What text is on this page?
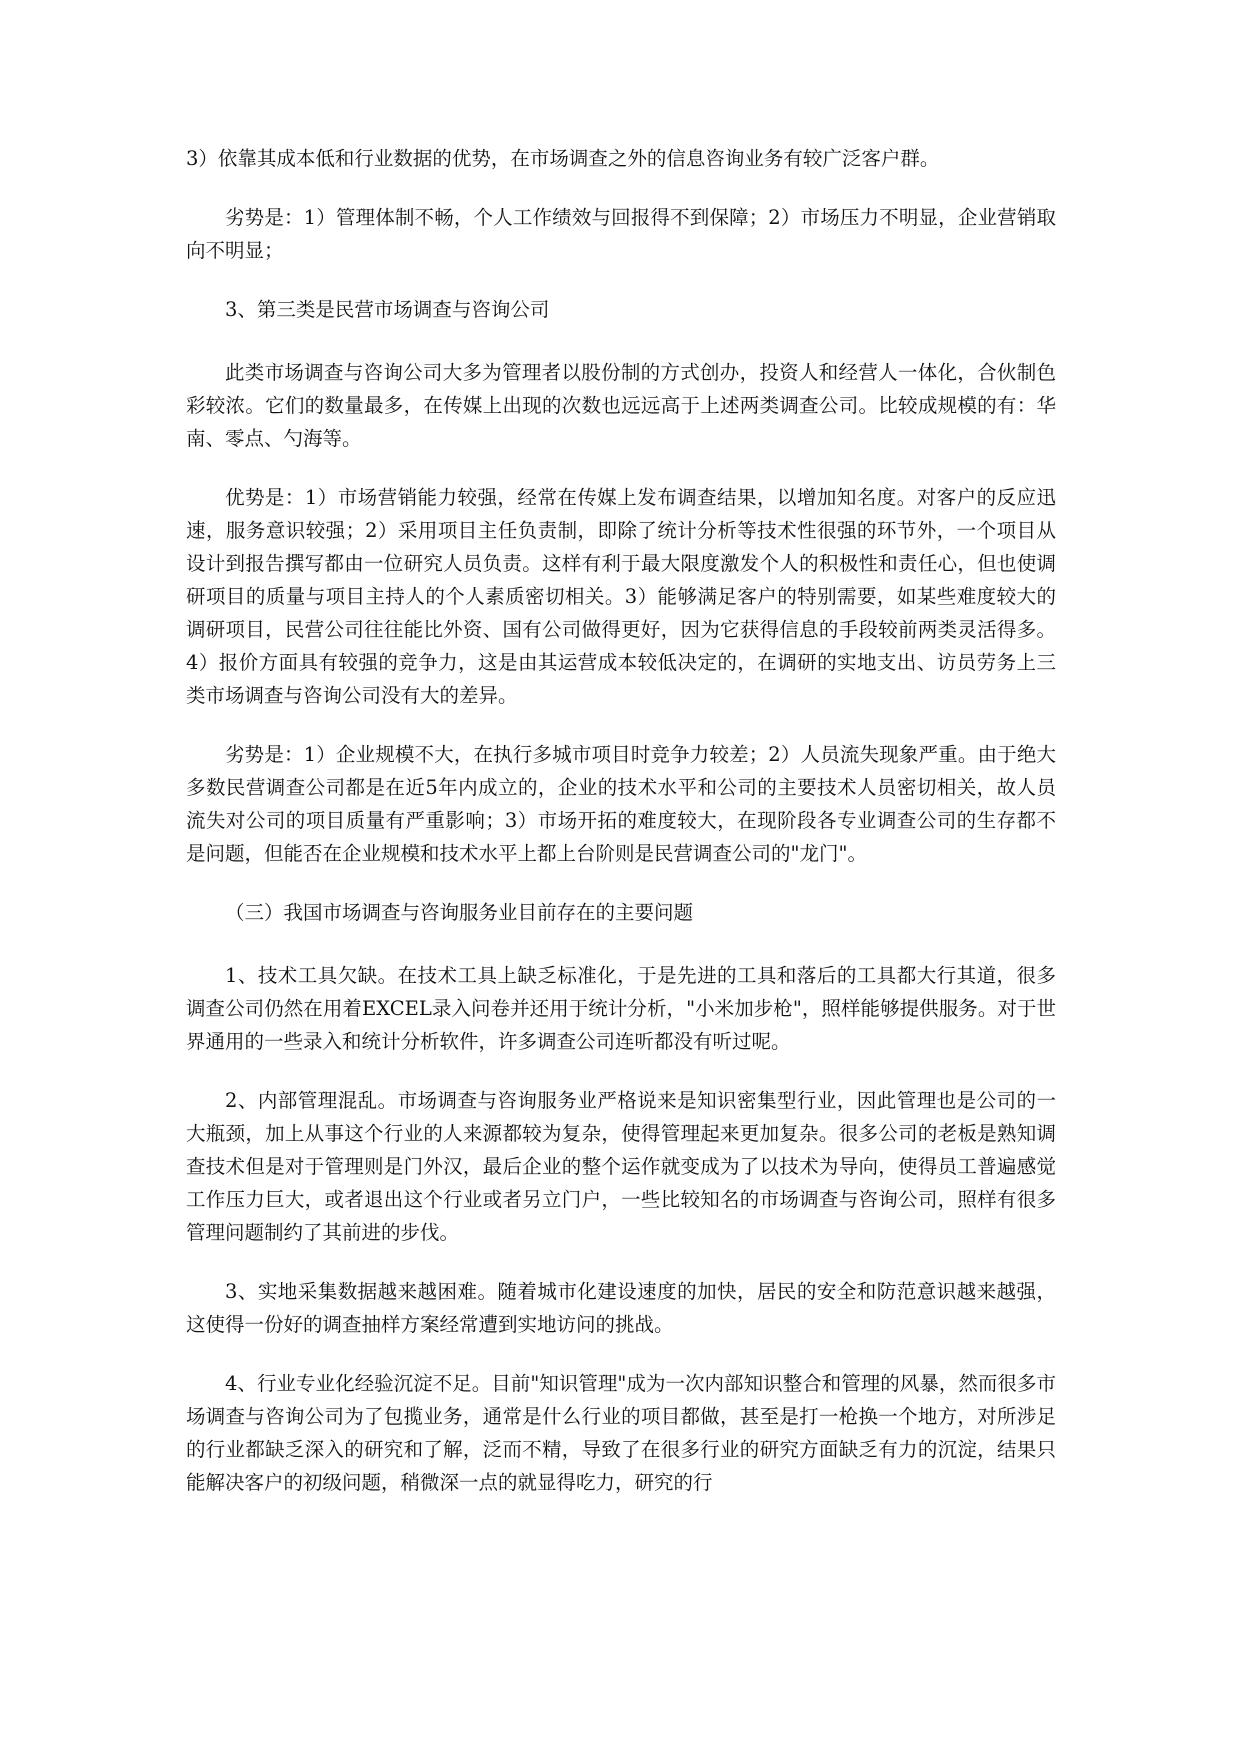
3）依靠其成本低和行业数据的优势，在市场调查之外的信息咨询业务有较广泛客户群。

劣势是：1）管理体制不畅，个人工作绩效与回报得不到保障；2）市场压力不明显，企业营销取向不明显；

3、第三类是民营市场调查与咨询公司

此类市场调查与咨询公司大多为管理者以股份制的方式创办，投资人和经营人一体化，合伙制色彩较浓。它们的数量最多，在传媒上出现的次数也远远高于上述两类调查公司。比较成规模的有：华南、零点、勺海等。

优势是：1）市场营销能力较强，经常在传媒上发布调查结果，以增加知名度。对客户的反应迅速，服务意识较强；2）采用项目主任负责制，即除了统计分析等技术性很强的环节外，一个项目从设计到报告撰写都由一位研究人员负责。这样有利于最大限度激发个人的积极性和责任心，但也使调研项目的质量与项目主持人的个人素质密切相关。3）能够满足客户的特别需要，如某些难度较大的调研项目，民营公司往往能比外资、国有公司做得更好，因为它获得信息的手段较前两类灵活得多。4）报价方面具有较强的竞争力，这是由其运营成本较低决定的，在调研的实地支出、访员劳务上三类市场调查与咨询公司没有大的差异。

劣势是：1）企业规模不大，在执行多城市项目时竞争力较差；2）人员流失现象严重。由于绝大多数民营调查公司都是在近5年内成立的，企业的技术水平和公司的主要技术人员密切相关，故人员流失对公司的项目质量有严重影响；3）市场开拓的难度较大，在现阶段各专业调查公司的生存都不是问题，但能否在企业规模和技术水平上都上台阶则是民营调查公司的"龙门"。

（三）我国市场调查与咨询服务业目前存在的主要问题

1、技术工具欠缺。在技术工具上缺乏标准化，于是先进的工具和落后的工具都大行其道，很多调查公司仍然在用着EXCEL录入问卷并还用于统计分析，"小米加步枪"，照样能够提供服务。对于世界通用的一些录入和统计分析软件，许多调查公司连听都没有听过呢。

2、内部管理混乱。市场调查与咨询服务业严格说来是知识密集型行业，因此管理也是公司的一大瓶颈，加上从事这个行业的人来源都较为复杂，使得管理起来更加复杂。很多公司的老板是熟知调查技术但是对于管理则是门外汉，最后企业的整个运作就变成为了以技术为导向，使得员工普遍感觉工作压力巨大，或者退出这个行业或者另立门户，一些比较知名的市场调查与咨询公司，照样有很多管理问题制约了其前进的步伐。

3、实地采集数据越来越困难。随着城市化建设速度的加快，居民的安全和防范意识越来越强，这使得一份好的调查抽样方案经常遭到实地访问的挑战。

4、行业专业化经验沉淀不足。目前"知识管理"成为一次内部知识整合和管理的风暴，然而很多市场调查与咨询公司为了包揽业务，通常是什么行业的项目都做，甚至是打一枪换一个地方，对所涉足的行业都缺乏深入的研究和了解，泛而不精，导致了在很多行业的研究方面缺乏有力的沉淀，结果只能解决客户的初级问题，稍微深一点的就显得吃力，研究的行
